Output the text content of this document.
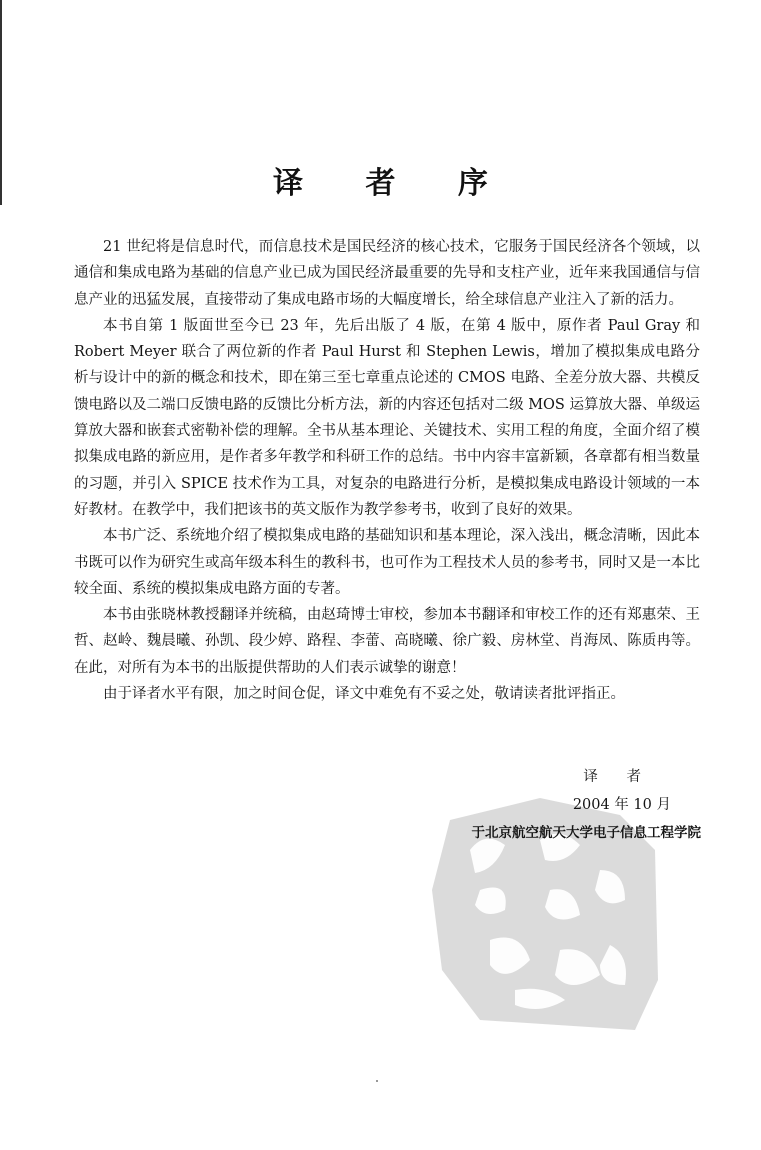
译 者 序

21 世纪将是信息时代，而信息技术是国民经济的核心技术，它服务于国民经济各个领域，以通信和集成电路为基础的信息产业已成为国民经济最重要的先导和支柱产业，近年来我国通信与信息产业的迅猛发展，直接带动了集成电路市场的大幅度增长，给全球信息产业注入了新的活力。

本书自第 1 版面世至今已 23 年，先后出版了 4 版，在第 4 版中，原作者 Paul Gray 和 Robert Meyer 联合了两位新的作者 Paul Hurst 和 Stephen Lewis，增加了模拟集成电路分析与设计中的新的概念和技术，即在第三至七章重点论述的 CMOS 电路、全差分放大器、共模反馈电路以及二端口反馈电路的反馈比分析方法，新的内容还包括对二级 MOS 运算放大器、单级运算放大器和嵌套式密勒补偿的理解。全书从基本理论、关键技术、实用工程的角度，全面介绍了模拟集成电路的新应用，是作者多年教学和科研工作的总结。书中内容丰富新颖，各章都有相当数量的习题，并引入 SPICE 技术作为工具，对复杂的电路进行分析，是模拟集成电路设计领域的一本好教材。在教学中，我们把该书的英文版作为教学参考书，收到了良好的效果。

本书广泛、系统地介绍了模拟集成电路的基础知识和基本理论，深入浅出，概念清晰，因此本书既可以作为研究生或高年级本科生的教科书，也可作为工程技术人员的参考书，同时又是一本比较全面、系统的模拟集成电路方面的专著。

本书由张晓林教授翻译并统稿，由赵琦博士审校，参加本书翻译和审校工作的还有郑惠荣、王哲、赵岭、魏晨曦、孙凯、段少婷、路程、李蕾、高晓曦、徐广毅、房林堂、肖海凤、陈质冉等。在此，对所有为本书的出版提供帮助的人们表示诚挚的谢意！

由于译者水平有限，加之时间仓促，译文中难免有不妥之处，敬请读者批评指正。

译 者
2004 年 10 月
于北京航空航天大学电子信息工程学院
